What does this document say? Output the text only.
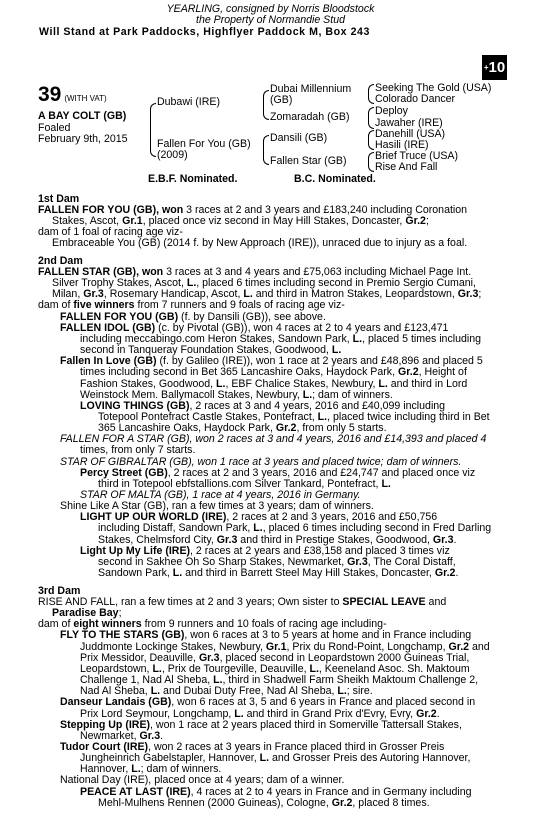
YEARLING, consigned by Norris Bloodstock
the Property of Normandie Stud
Will Stand at Park Paddocks, Highflyer Paddock M, Box 243
+10
39 (WITH VAT)
A BAY COLT (GB)
Foaled
February 9th, 2015
Dubawi (IRE)
Fallen For You (GB)
(2009)
Dubai Millennium
(GB)
Zomaradah (GB)
Dansili (GB)
Fallen Star (GB)
Seeking The Gold (USA)
Colorado Dancer
Deploy
Jawaher (IRE)
Danehill (USA)
Hasili (IRE)
Brief Truce (USA)
Rise And Fall
E.B.F. Nominated.	B.C. Nominated.
1st Dam
FALLEN FOR YOU (GB), won 3 races at 2 and 3 years and £183,240 including Coronation
Stakes, Ascot, Gr.1, placed once viz second in May Hill Stakes, Doncaster, Gr.2;
dam of 1 foal of racing age viz-
Embraceable You (GB) (2014 f. by New Approach (IRE)), unraced due to injury as a foal.
2nd Dam
FALLEN STAR (GB), won 3 races at 3 and 4 years and £75,063 including Michael Page Int.
Silver Trophy Stakes, Ascot, L., placed 6 times including second in Premio Sergio Cumani,
Milan, Gr.3, Rosemary Handicap, Ascot, L. and third in Matron Stakes, Leopardstown, Gr.3;
dam of five winners from 7 runners and 9 foals of racing age viz-
FALLEN FOR YOU (GB) (f. by Dansili (GB)), see above.
FALLEN IDOL (GB) (c. by Pivotal (GB)), won 4 races at 2 to 4 years and £123,471
including meccabingo.com Heron Stakes, Sandown Park, L., placed 5 times including
second in Tanqueray Foundation Stakes, Goodwood, L.
Fallen In Love (GB) (f. by Galileo (IRE)), won 1 race at 2 years and £48,896 and placed 5
times including second in Bet 365 Lancashire Oaks, Haydock Park, Gr.2, Height of
Fashion Stakes, Goodwood, L., EBF Chalice Stakes, Newbury, L. and third in Lord
Weinstock Mem. Ballymacoll Stakes, Newbury, L.; dam of winners.
LOVING THINGS (GB), 2 races at 3 and 4 years, 2016 and £40,099 including
Totepool Pontefract Castle Stakes, Pontefract, L., placed twice including third in Bet
365 Lancashire Oaks, Haydock Park, Gr.2, from only 5 starts.
FALLEN FOR A STAR (GB), won 2 races at 3 and 4 years, 2016 and £14,393 and placed 4
times, from only 7 starts.
STAR OF GIBRALTAR (GB), won 1 race at 3 years and placed twice; dam of winners.
Percy Street (GB), 2 races at 2 and 3 years, 2016 and £24,747 and placed once viz
third in Totepool ebfstallions.com Silver Tankard, Pontefract, L.
STAR OF MALTA (GB), 1 race at 4 years, 2016 in Germany.
Shine Like A Star (GB), ran a few times at 3 years; dam of winners.
LIGHT UP OUR WORLD (IRE), 2 races at 2 and 3 years, 2016 and £50,756
including Distaff, Sandown Park, L., placed 6 times including second in Fred Darling
Stakes, Chelmsford City, Gr.3 and third in Prestige Stakes, Goodwood, Gr.3.
Light Up My Life (IRE), 2 races at 2 years and £38,158 and placed 3 times viz
second in Sakhee Oh So Sharp Stakes, Newmarket, Gr.3, The Coral Distaff,
Sandown Park, L. and third in Barrett Steel May Hill Stakes, Doncaster, Gr.2.
3rd Dam
RISE AND FALL, ran a few times at 2 and 3 years; Own sister to SPECIAL LEAVE and
Paradise Bay;
dam of eight winners from 9 runners and 10 foals of racing age including-
FLY TO THE STARS (GB), won 6 races at 3 to 5 years at home and in France including
Juddmonte Lockinge Stakes, Newbury, Gr.1, Prix du Rond-Point, Longchamp, Gr.2 and
Prix Messidor, Deauville, Gr.3, placed second in Leopardstown 2000 Guineas Trial,
Leopardstown, L., Prix de Tourgeville, Deauville, L., Keeneland Asoc. Sh. Maktoum
Challenge 1, Nad Al Sheba, L., third in Shadwell Farm Sheikh Maktoum Challenge 2,
Nad Al Sheba, L. and Dubai Duty Free, Nad Al Sheba, L.; sire.
Danseur Landais (GB), won 6 races at 3, 5 and 6 years in France and placed second in
Prix Lord Seymour, Longchamp, L. and third in Grand Prix d'Evry, Evry, Gr.2.
Stepping Up (IRE), won 1 race at 2 years placed third in Somerville Tattersall Stakes,
Newmarket, Gr.3.
Tudor Court (IRE), won 2 races at 3 years in France placed third in Grosser Preis
Jungheinrich Gabelstapler, Hannover, L. and Grosser Preis des Autoring Hannover,
Hannover, L.; dam of winners.
National Day (IRE), placed once at 4 years; dam of a winner.
PEACE AT LAST (IRE), 4 races at 2 to 4 years in France and in Germany including
Mehl-Mulhens Rennen (2000 Guineas), Cologne, Gr.2, placed 8 times.
